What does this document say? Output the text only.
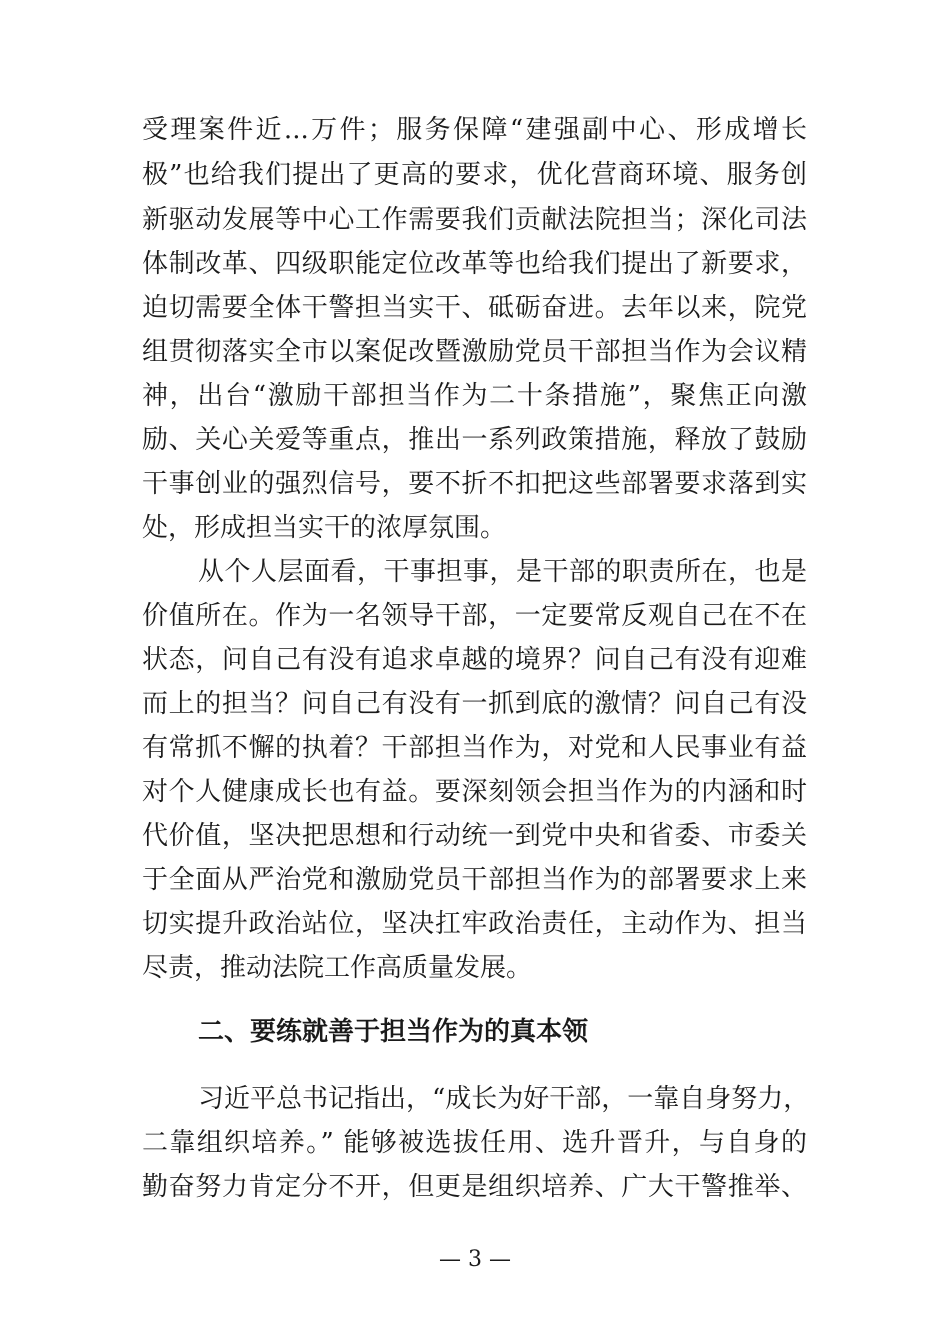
受理案件近...万件；服务保障“建强副中心、形成增长
极”也给我们提出了更高的要求，优化营商环境、服务创
新驱动发展等中心工作需要我们贡献法院担当；深化司法
体制改革、四级职能定位改革等也给我们提出了新要求，
迫切需要全体干警担当实干、砥砺奋进。去年以来，院党
组贯彻落实全市以案促改暨激励党员干部担当作为会议精
神，出台“激励干部担当作为二十条措施”，聚焦正向激
励、关心关爱等重点，推出一系列政策措施，释放了鼓励
干事创业的强烈信号，要不折不扣把这些部署要求落到实
处，形成担当实干的浓厚氛围。
从个人层面看，干事担事，是干部的职责所在，也是
价值所在。作为一名领导干部，一定要常反观自己在不在
状态，问自己有没有追求卓越的境界？问自己有没有迎难
而上的担当？问自己有没有一抓到底的激情？问自己有没
有常抓不懈的执着？干部担当作为，对党和人民事业有益
对个人健康成长也有益。要深刻领会担当作为的内涵和时
代价值，坚决把思想和行动统一到党中央和省委、市委关
于全面从严治党和激励党员干部担当作为的部署要求上来
切实提升政治站位，坚决扛牢政治责任，主动作为、担当
尽责，推动法院工作高质量发展。
二、要练就善于担当作为的真本领
习近平总书记指出，“成长为好干部，一靠自身努力，
二靠组织培养。” 能够被选拔任用、选升晋升，与自身的
勤奋努力肯定分不开，但更是组织培养、广大干警推举、
— 3 —
